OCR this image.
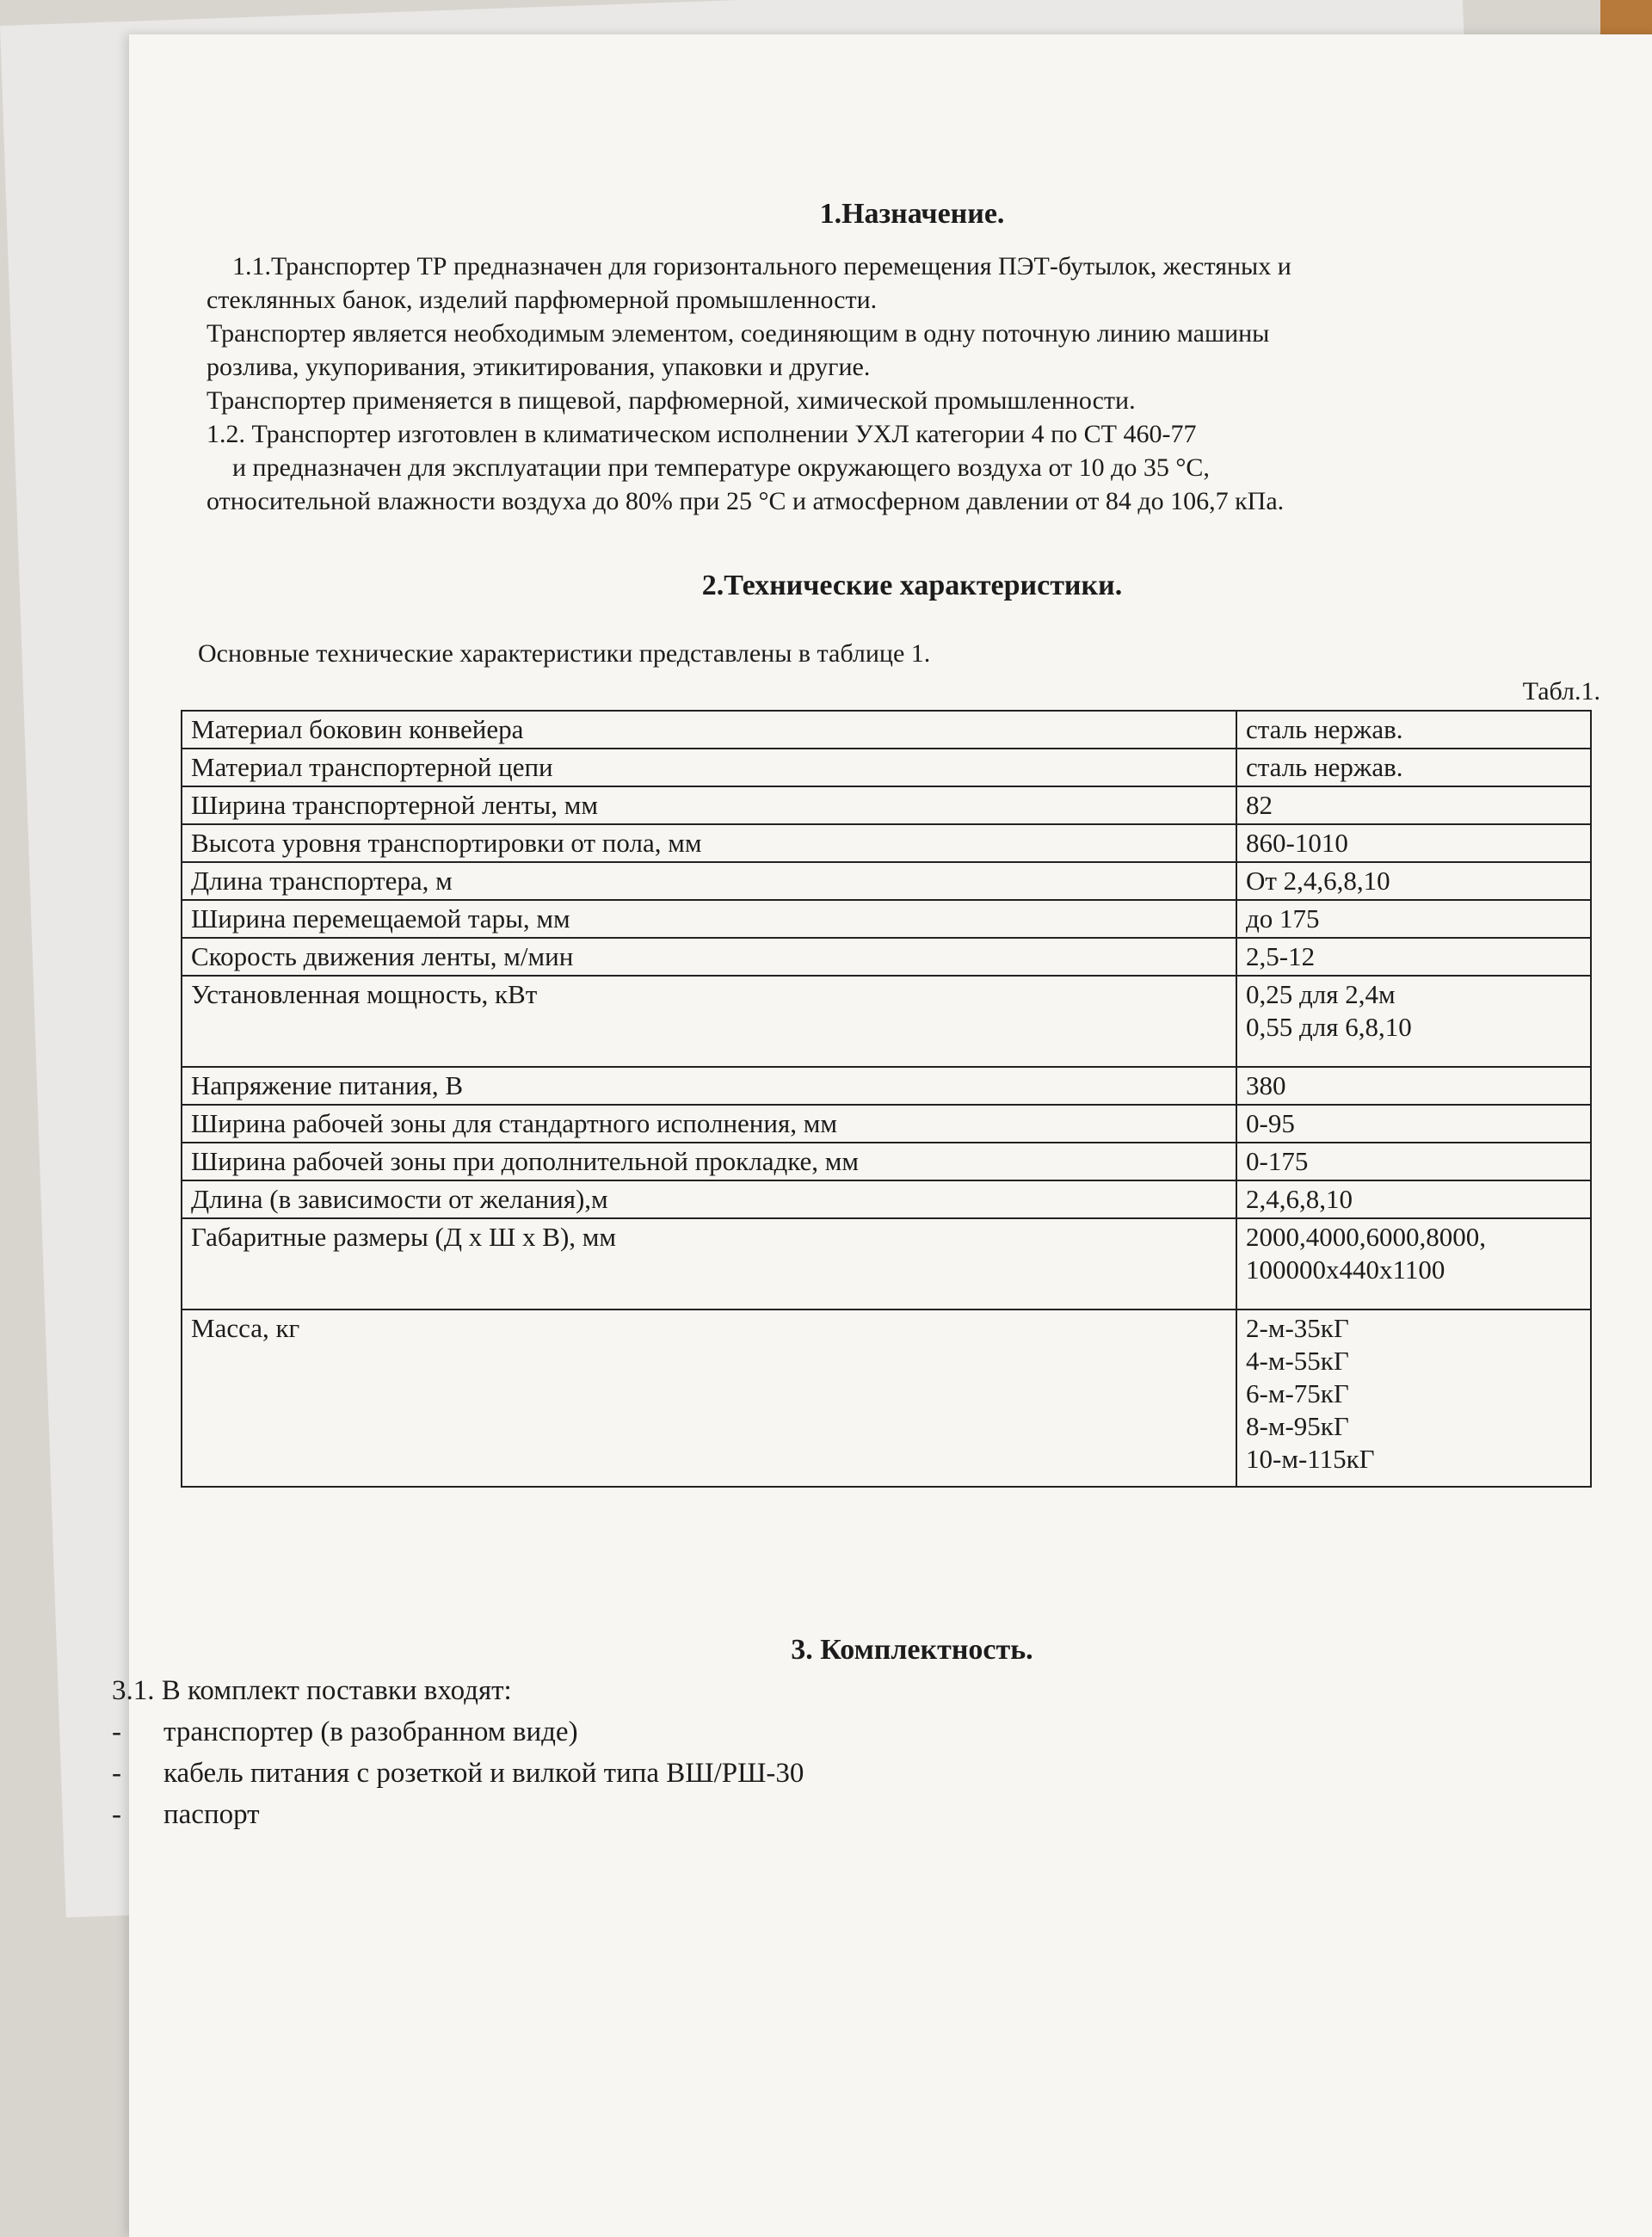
1.Назначение.

1.1.Транспортер ТР предназначен для горизонтального перемещения ПЭТ-бутылок, жестяных и

стеклянных банок, изделий парфюмерной промышленности.

Транспортер является необходимым элементом, соединяющим в одну поточную линию машины

розлива, укупоривания, этикитирования, упаковки и другие.

Транспортер применяется в пищевой, парфюмерной, химической промышленности.

1.2. Транспортер изготовлен в климатическом исполнении УХЛ категории 4 по СТ 460-77

и предназначен для эксплуатации при температуре окружающего воздуха от 10 до 35 °С,

относительной влажности воздуха до 80% при 25 °С и атмосферном давлении от 84 до 106,7 кПа.

2.Технические характеристики.

Основные технические характеристики представлены в таблице 1.

Табл.1.
Материал боковин конвейера	сталь нержав.
Материал транспортерной цепи	сталь нержав.
Ширина транспортерной ленты, мм	82
Высота уровня транспортировки от пола, мм	860-1010
Длина транспортера, м	От 2,4,6,8,10
Ширина перемещаемой тары, мм	до 175
Скорость движения ленты, м/мин	2,5-12
Установленная мощность, кВт	0,25 для 2,4м
0,55 для 6,8,10

Напряжение питания, В	380
Ширина рабочей зоны для стандартного исполнения, мм	0-95
Ширина рабочей зоны при дополнительной прокладке, мм	0-175
Длина (в зависимости от желания),м	2,4,6,8,10
Габаритные размеры (Д х Ш х В), мм	2000,4000,6000,8000,
100000х440х1100

Масса, кг	2-м-35кГ
4-м-55кГ
6-м-75кГ
8-м-95кГ
10-м-115кГ
3. Комплектность.
3.1. В комплект поставки входят:
-	транспортер (в разобранном виде)
-	кабель питания с розеткой и вилкой типа ВШ/РШ-30
-	паспорт
